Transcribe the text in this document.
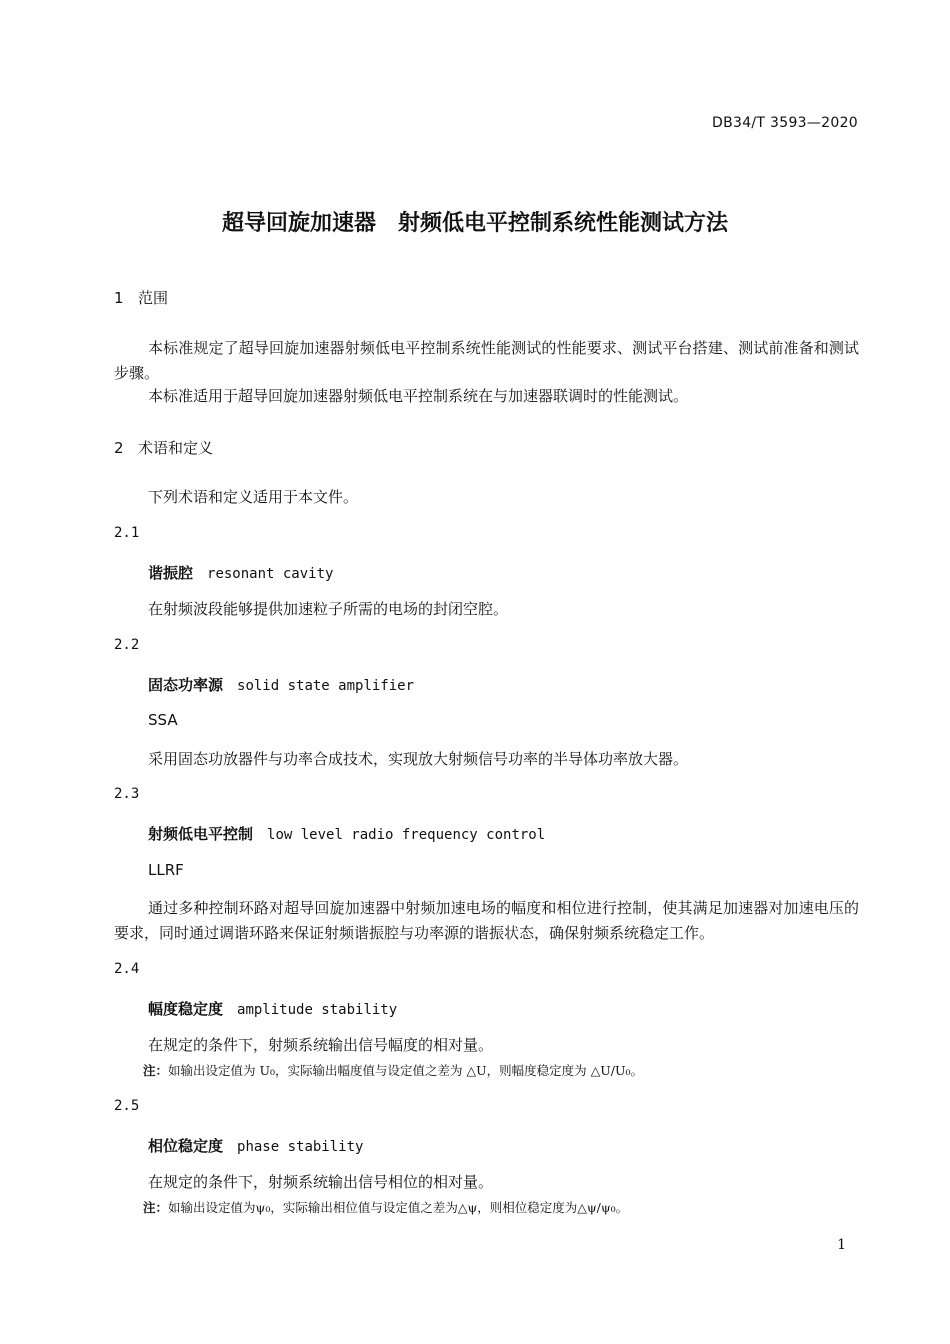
DB34/T 3593—2020
超导回旋加速器　射频低电平控制系统性能测试方法
1 范围
本标准规定了超导回旋加速器射频低电平控制系统性能测试的性能要求、测试平台搭建、测试前准备和测试步骤。
本标准适用于超导回旋加速器射频低电平控制系统在与加速器联调时的性能测试。
2 术语和定义
下列术语和定义适用于本文件。
2.1
谐振腔 resonant cavity
在射频波段能够提供加速粒子所需的电场的封闭空腔。
2.2
固态功率源 solid state amplifier
SSA
采用固态功放器件与功率合成技术，实现放大射频信号功率的半导体功率放大器。
2.3
射频低电平控制 low level radio frequency control
LLRF
通过多种控制环路对超导回旋加速器中射频加速电场的幅度和相位进行控制，使其满足加速器对加速电压的要求，同时通过调谐环路来保证射频谐振腔与功率源的谐振状态，确保射频系统稳定工作。
2.4
幅度稳定度 amplitude stability
在规定的条件下，射频系统输出信号幅度的相对量。
注：如输出设定值为 U₀，实际输出幅度值与设定值之差为 △U，则幅度稳定度为 △U/U₀。
2.5
相位稳定度 phase stability
在规定的条件下，射频系统输出信号相位的相对量。
注：如输出设定值为ψ₀，实际输出相位值与设定值之差为△ψ，则相位稳定度为△ψ/ψ₀。
1
